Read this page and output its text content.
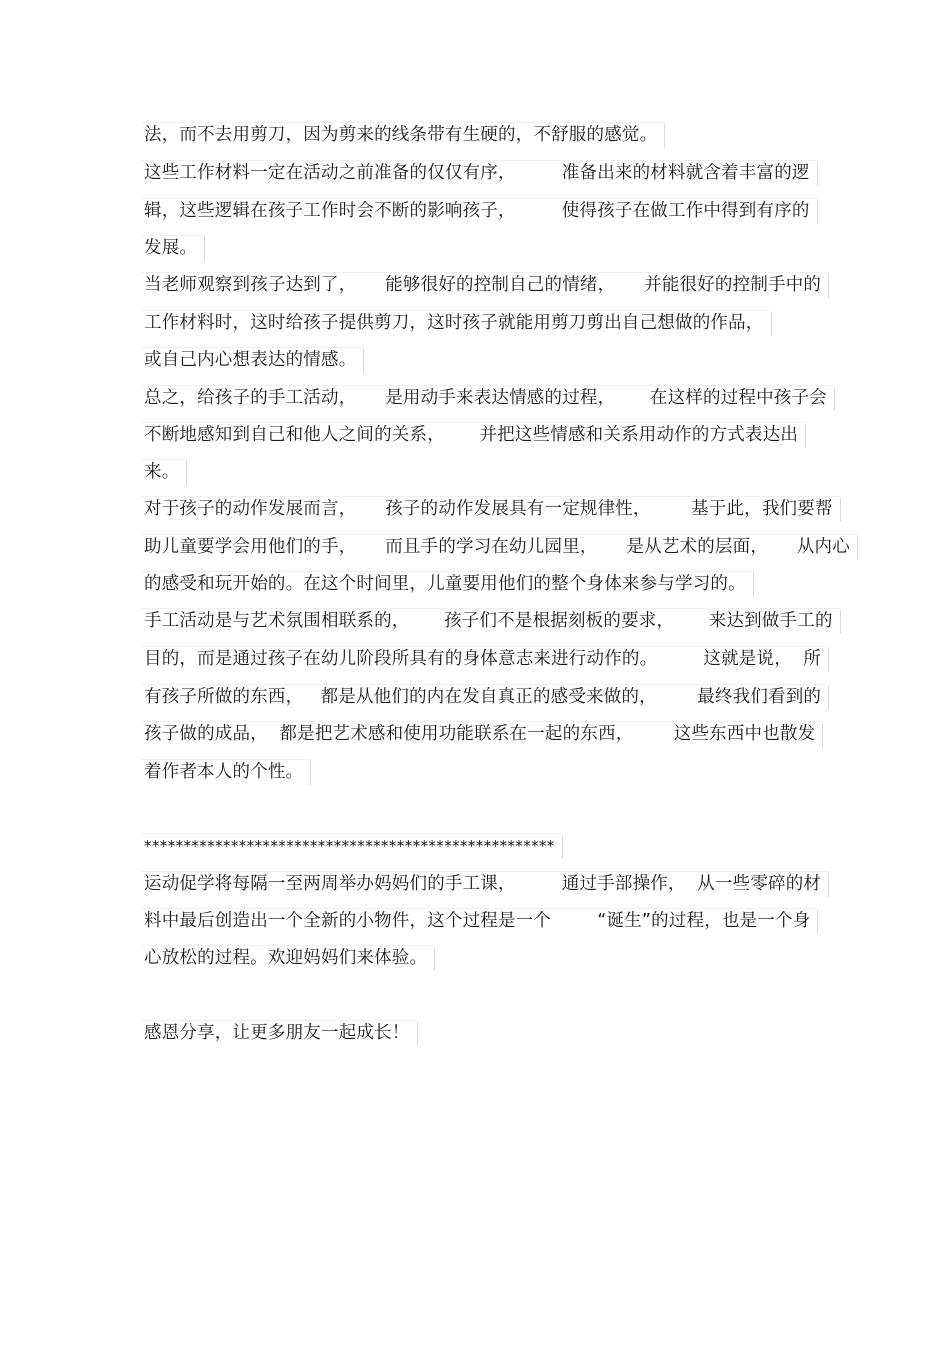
法，而不去用剪刀，因为剪来的线条带有生硬的，不舒服的感觉。
这些工作材料一定在活动之前准备的仅仅有序，        准备出来的材料就含着丰富的逻
辑，这些逻辑在孩子工作时会不断的影响孩子，        使得孩子在做工作中得到有序的
发展。
当老师观察到孩子达到了，     能够很好的控制自己的情绪，     并能很好的控制手中的
工作材料时，这时给孩子提供剪刀，这时孩子就能用剪刀剪出自己想做的作品，
或自己内心想表达的情感。
总之，给孩子的手工活动，     是用动手来表达情感的过程，      在这样的过程中孩子会
不断地感知到自己和他人之间的关系，      并把这些情感和关系用动作的方式表达出
来。
对于孩子的动作发展而言，     孩子的动作发展具有一定规律性，       基于此，我们要帮
助儿童要学会用他们的手，     而且手的学习在幼儿园里，     是从艺术的层面，     从内心
的感受和玩开始的。在这个时间里，儿童要用他们的整个身体来参与学习的。
手工活动是与艺术氛围相联系的，      孩子们不是根据刻板的要求，      来达到做手工的
目的，而是通过孩子在幼儿阶段所具有的身体意志来进行动作的。        这就是说，  所
有孩子所做的东西，   都是从他们的内在发自真正的感受来做的，       最终我们看到的
孩子做的成品，  都是把艺术感和使用功能联系在一起的东西，       这些东西中也散发
着作者本人的个性。
****************************************************
运动促学将每隔一至两周举办妈妈们的手工课，        通过手部操作，  从一些零碎的材
料中最后创造出一个全新的小物件，这个过程是一个        “诞生”的过程，也是一个身
心放松的过程。欢迎妈妈们来体验。
感恩分享，让更多朋友一起成长！
